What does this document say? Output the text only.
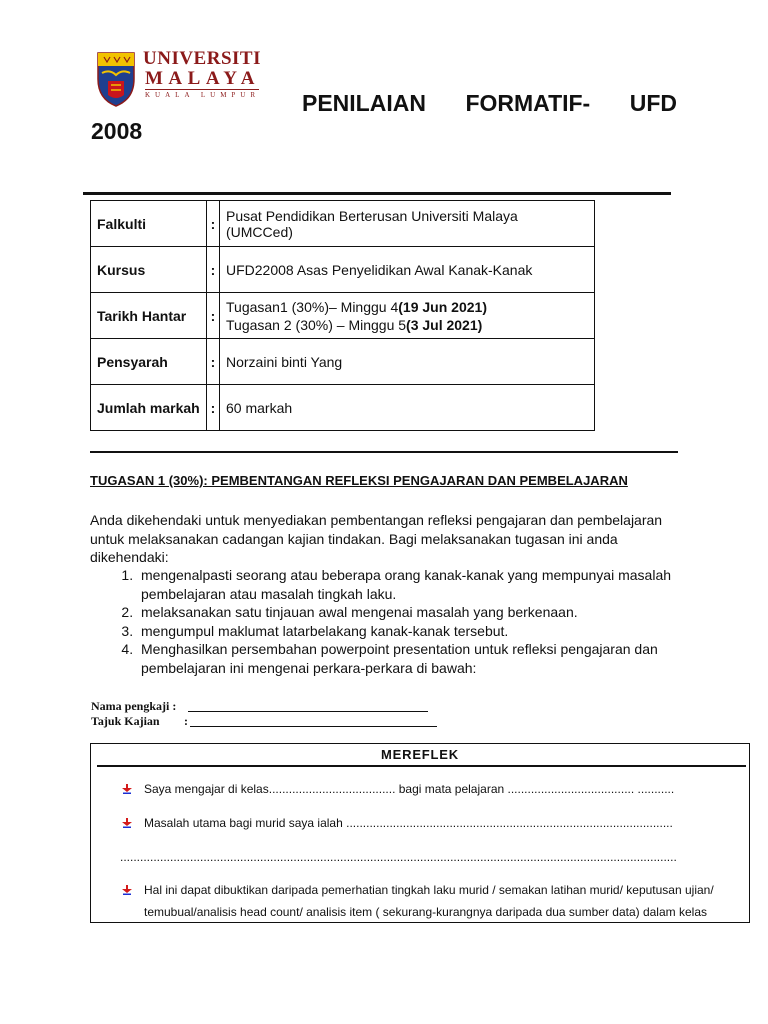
UNIVERSITI
MALAYA
KUALA LUMPUR PENILAIAN FORMATIF- UFD
2008
Falkulti	:	Pusat Pendidikan Berterusan Universiti Malaya (UMCCed)
Kursus	:	UFD22008 Asas Penyelidikan Awal Kanak-Kanak
Tarikh Hantar	:	Tugasan1 (30%)– Minggu 4(19 Jun 2021)
Tugasan 2 (30%) – Minggu 5(3 Jul 2021)

Pensyarah	:	Norzaini binti Yang
Jumlah markah	:	60 markah
TUGASAN 1 (30%): PEMBENTANGAN REFLEKSI PENGAJARAN DAN PEMBELAJARAN
Anda dikehendaki untuk menyediakan pembentangan refleksi pengajaran dan pembelajaran untuk melaksanakan cadangan kajian tindakan. Bagi melaksanakan tugasan ini anda dikehendaki:
1. mengenalpasti seorang atau beberapa orang kanak-kanak yang mempunyai masalah pembelajaran atau masalah tingkah laku.
2. melaksanakan satu tinjauan awal mengenai masalah yang berkenaan.
3. mengumpul maklumat latarbelakang kanak-kanak tersebut.
4. Menghasilkan persembahan powerpoint presentation untuk refleksi pengajaran dan pembelajaran ini mengenai perkara-perkara di bawah:
Nama pengkaji :
Tajuk Kajian :
MEREFLEK
Saya mengajar di kelas...................................... bagi mata pelajaran ...................................... ...........
Masalah utama bagi murid saya ialah ..................................................................................................
.......................................................................................................................................................................
Hal ini dapat dibuktikan daripada pemerhatian tingkah laku murid / semakan latihan murid/ keputusan ujian/
temubual/analisis head count/ analisis item ( sekurang-kurangnya daripada dua sumber data) dalam kelas
